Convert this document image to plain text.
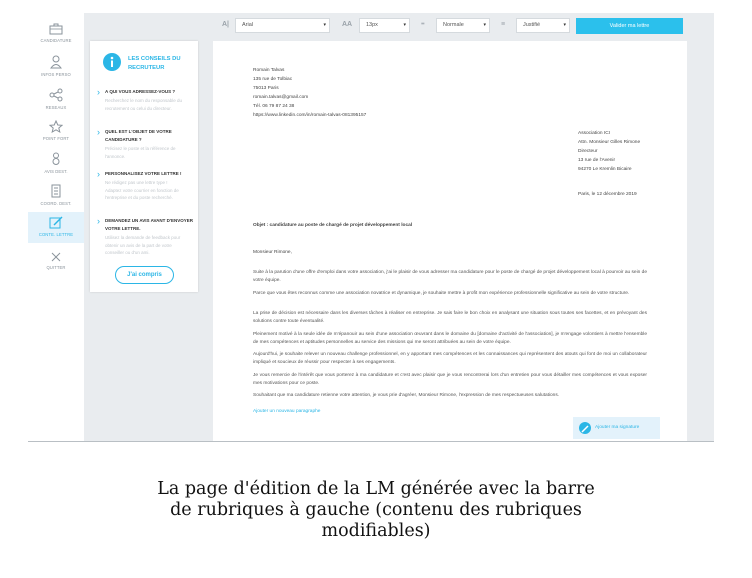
CANDIDATURE
INFOS PERSO
RESEAUX
POINT FORT
AVIS DEST.
COORD. DEST.
CONTE. LETTRE
QUITTER
A|	Arial	▾ AA	13px	▾ ⁼	Normale	▾ ≡	Justifié	▾	Valider ma lettre
LES CONSEILS DU RECRUTEUR
› A QUI VOUS ADRESSEZ-VOUS ?
Recherchez le nom du responsable du recrutement ou celui du directeur.
› QUEL EST L'OBJET DE VOTRE CANDIDATURE ?
Précisez le poste et la référence de l'annonce.
› PERSONNALISEZ VOTRE LETTRE !
Ne rédigez pas une lettre type ! Adaptez votre courrier en fonction de l'entreprise et du poste recherché.
› DEMANDEZ UN AVIS AVANT D'ENVOYER VOTRE LETTRE.
Utilisez la demande de feedback pour obtenir un avis de la part de votre conseiller ou d'un ami.
J'ai compris
Romain Talvas
135 rue de Tolbiac
75013 Paris
romain.talvas@gmail.com
Tél. 06 79 87 24 38
https://www.linkedin.com/in/romain-talvas-081395157
Association ICI
Attn. Monsieur Gilles Rimone
Directeur
13 rue de l'Avenir
94270 Le Kremlin Bicaire
Paris, le 12 décembre 2019
Objet : candidature au poste de chargé de projet développement local
Monsieur Rimone,
Suite à la parution d'une offre d'emploi dans votre association, j'ai le plaisir de vous adresser ma candidature pour le poste de chargé de projet développement local à pourvoir au sein de votre équipe.
Parce que vous êtes reconnus comme une association novatrice et dynamique, je souhaite mettre à profit mon expérience professionnelle significative au sein de votre structure.
La prise de décision est nécessaire dans les diverses tâches à réaliser en entreprise. Je sais faire le bon choix en analysant une situation sous toutes ses facettes, et en prévoyant des solutions contre toute éventualité.
Pleinement motivé à la seule idée de m'épanouir au sein d'une association œuvrant dans le domaine du [domaine d'activité de l'association], je m'engage volontiers à mettre l'ensemble de mes compétences et aptitudes personnelles au service des missions qui me seront attribuées au sein de votre équipe.
Aujourd'hui, je souhaite relever un nouveau challenge professionnel, en y apportant mes compétences et les connaissances qui représentent des atouts qui font de moi un collaborateur impliqué et soucieux de réussir pour respecter à ses engagements.
Je vous remercie de l'intérêt que vous porterez à ma candidature et c'est avec plaisir que je vous rencontrerai lors d'un entretien pour vous détailler mes compétences et vous exposer mes motivations pour ce poste.
Souhaitant que ma candidature retienne votre attention, je vous prie d'agréer, Monsieur Rimone, l'expression de mes respectueuses salutations.
Ajouter un nouveau paragraphe
Ajouter ma signature
La page d'édition de la LM générée avec la barre
de rubriques à gauche (contenu des rubriques
modifiables)
